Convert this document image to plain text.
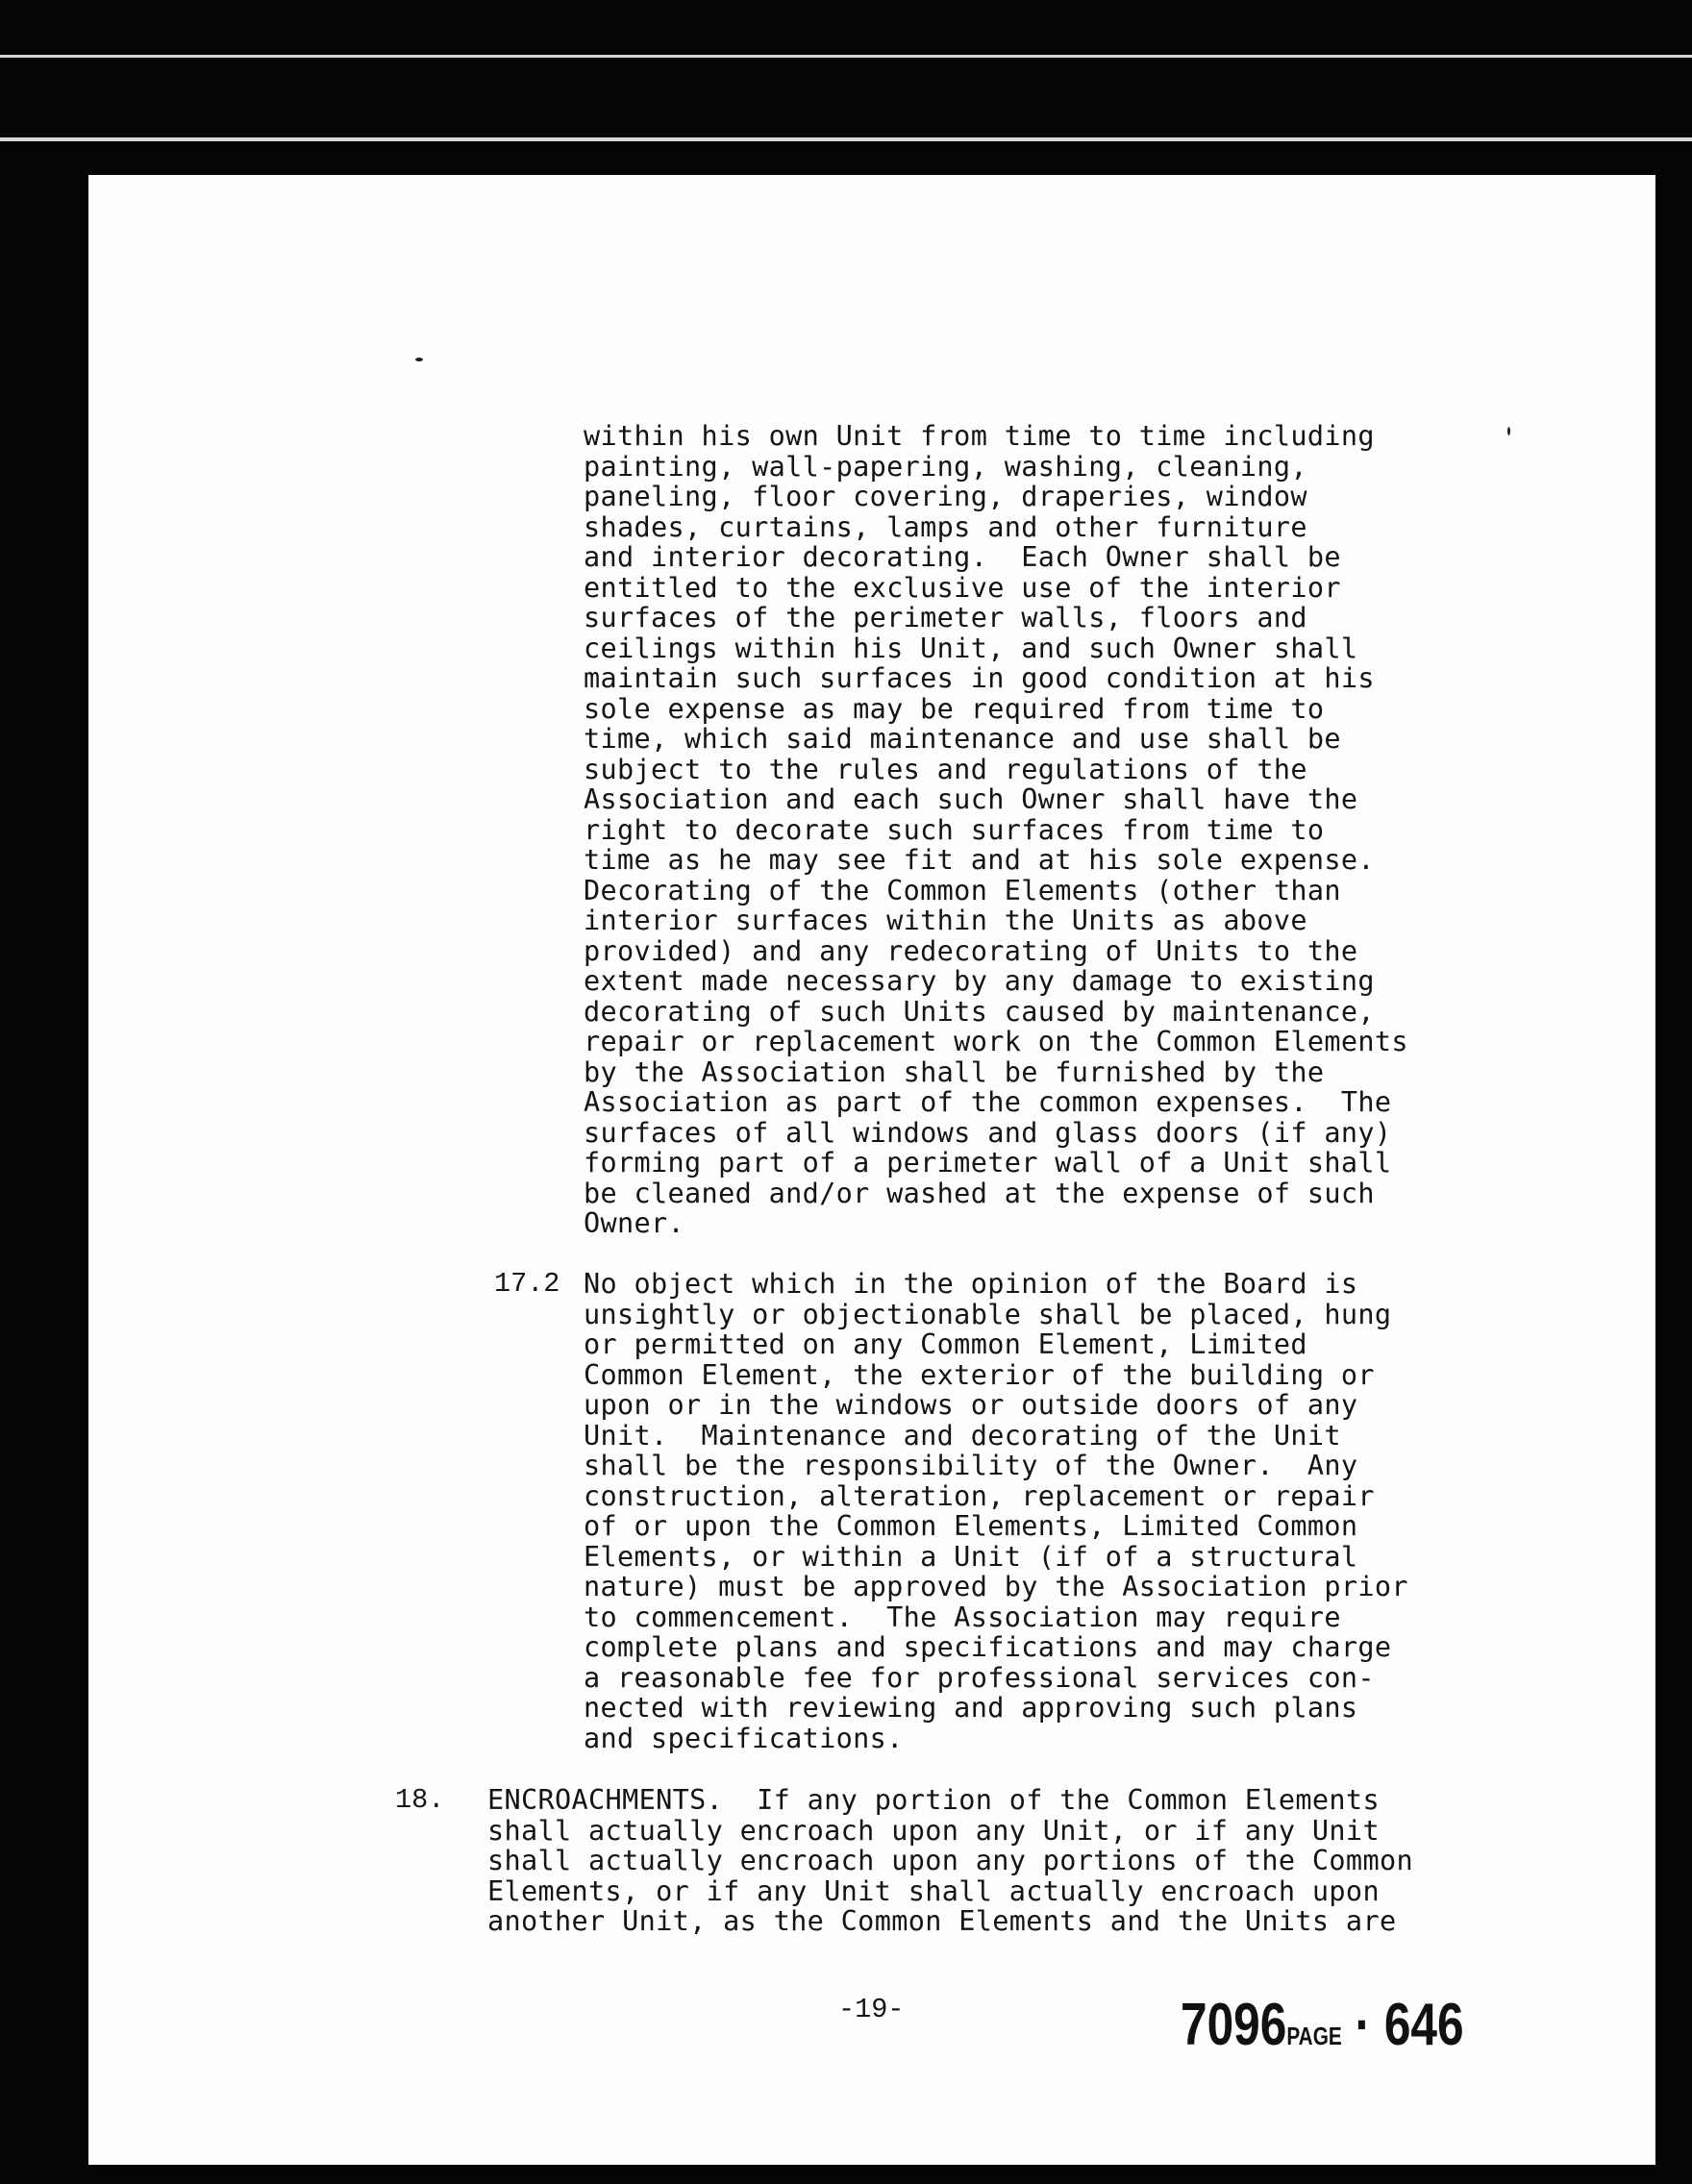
within his own Unit from time to time including
painting, wall-papering, washing, cleaning,
paneling, floor covering, draperies, window
shades, curtains, lamps and other furniture
and interior decorating.  Each Owner shall be
entitled to the exclusive use of the interior
surfaces of the perimeter walls, floors and
ceilings within his Unit, and such Owner shall
maintain such surfaces in good condition at his
sole expense as may be required from time to
time, which said maintenance and use shall be
subject to the rules and regulations of the
Association and each such Owner shall have the
right to decorate such surfaces from time to
time as he may see fit and at his sole expense.
Decorating of the Common Elements (other than
interior surfaces within the Units as above
provided) and any redecorating of Units to the
extent made necessary by any damage to existing
decorating of such Units caused by maintenance,
repair or replacement work on the Common Elements
by the Association shall be furnished by the
Association as part of the common expenses.  The
surfaces of all windows and glass doors (if any)
forming part of a perimeter wall of a Unit shall
be cleaned and/or washed at the expense of such
Owner.
17.2 No object which in the opinion of the Board is
unsightly or objectionable shall be placed, hung
or permitted on any Common Element, Limited
Common Element, the exterior of the building or
upon or in the windows or outside doors of any
Unit.  Maintenance and decorating of the Unit
shall be the responsibility of the Owner.  Any
construction, alteration, replacement or repair
of or upon the Common Elements, Limited Common
Elements, or within a Unit (if of a structural
nature) must be approved by the Association prior
to commencement.  The Association may require
complete plans and specifications and may charge
a reasonable fee for professional services con-
nected with reviewing and approving such plans
and specifications.
18. ENCROACHMENTS.  If any portion of the Common Elements
shall actually encroach upon any Unit, or if any Unit
shall actually encroach upon any portions of the Common
Elements, or if any Unit shall actually encroach upon
another Unit, as the Common Elements and the Units are
-19-	7096PAGE · 646
